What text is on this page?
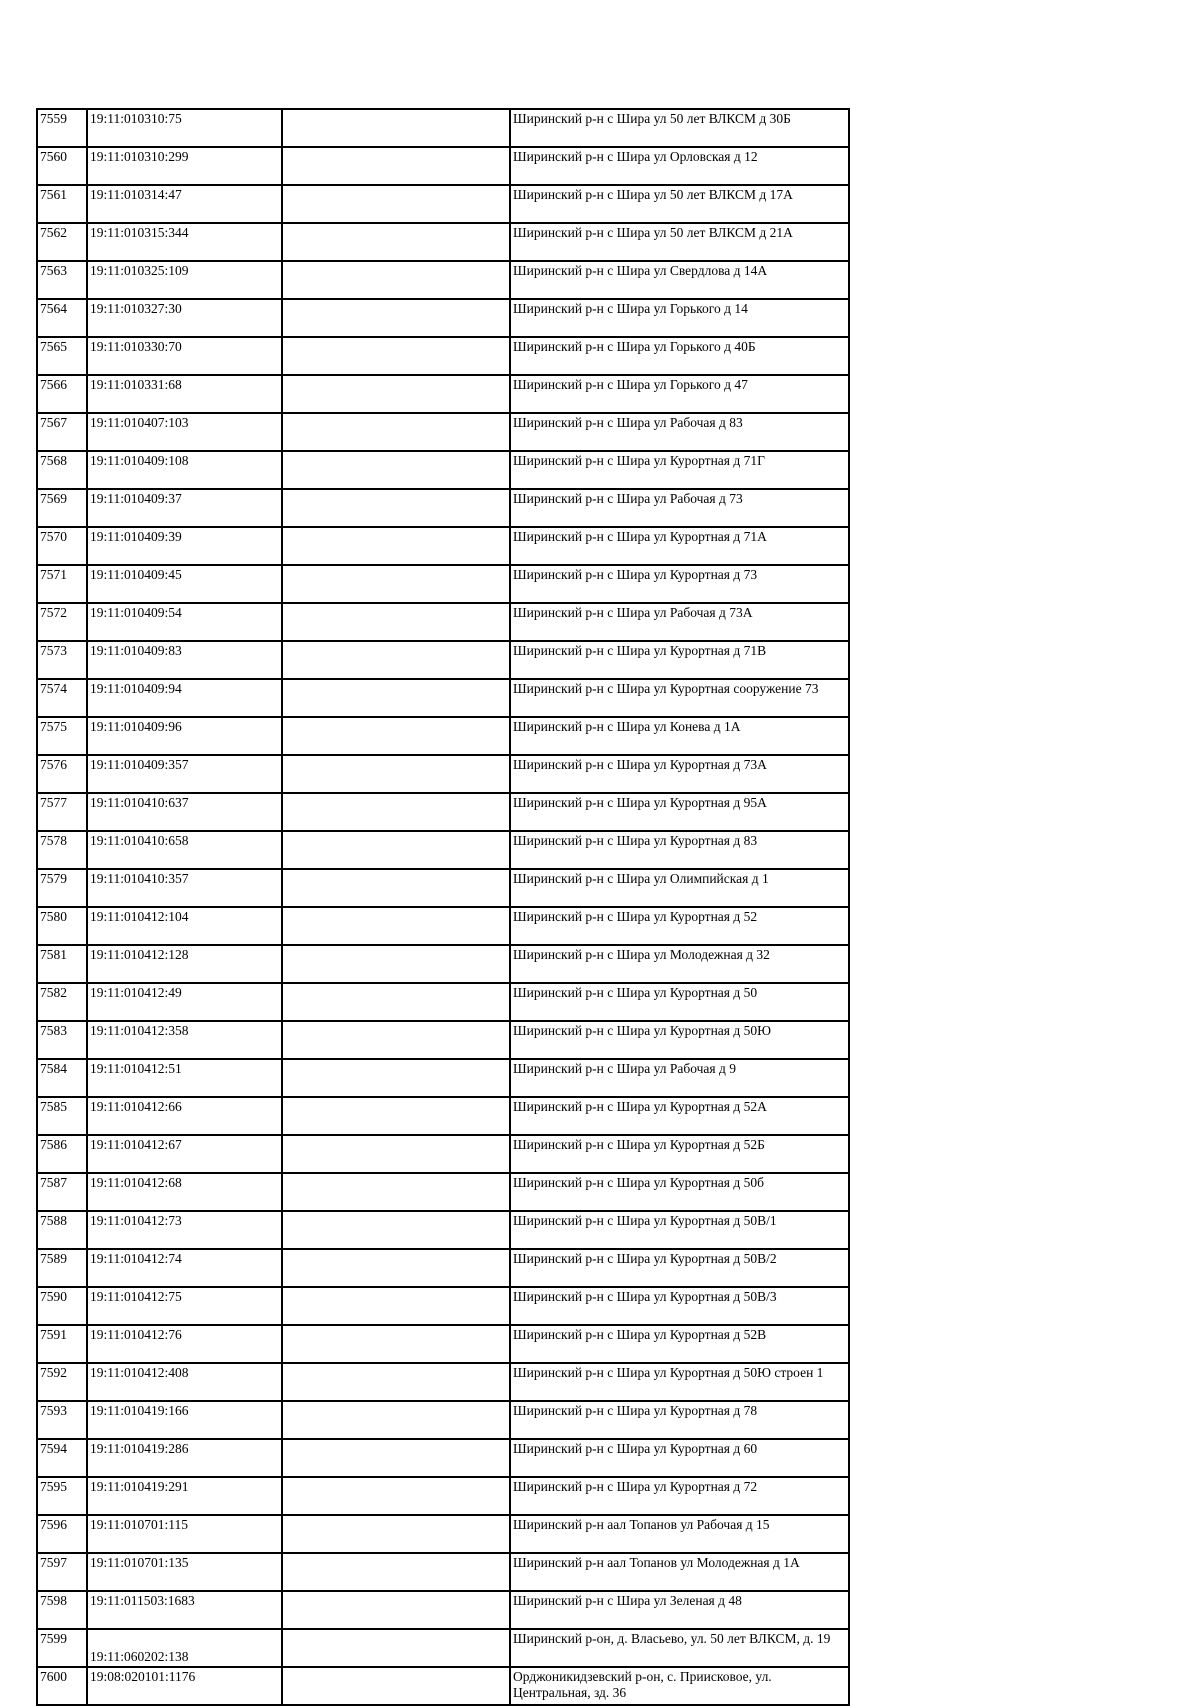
7559	19:11:010310:75		Ширинский р-н с Шира ул 50 лет ВЛКСМ д 30Б
7560	19:11:010310:299		Ширинский р-н с Шира ул Орловская д 12
7561	19:11:010314:47		Ширинский р-н с Шира ул 50 лет ВЛКСМ д 17А
7562	19:11:010315:344		Ширинский р-н с Шира ул 50 лет ВЛКСМ д 21А
7563	19:11:010325:109		Ширинский р-н с Шира ул Свердлова д 14А
7564	19:11:010327:30		Ширинский р-н с Шира ул Горького д 14
7565	19:11:010330:70		Ширинский р-н с Шира ул Горького д 40Б
7566	19:11:010331:68		Ширинский р-н с Шира ул Горького д 47
7567	19:11:010407:103		Ширинский р-н с Шира ул Рабочая д 83
7568	19:11:010409:108		Ширинский р-н с Шира ул Курортная д 71Г
7569	19:11:010409:37		Ширинский р-н с Шира ул Рабочая д 73
7570	19:11:010409:39		Ширинский р-н с Шира ул Курортная д 71А
7571	19:11:010409:45		Ширинский р-н с Шира ул Курортная д 73
7572	19:11:010409:54		Ширинский р-н с Шира ул Рабочая д 73А
7573	19:11:010409:83		Ширинский р-н с Шира ул Курортная д 71В
7574	19:11:010409:94		Ширинский р-н с Шира ул Курортная сооружение 73
7575	19:11:010409:96		Ширинский р-н с Шира ул Конева д 1А
7576	19:11:010409:357		Ширинский р-н с Шира ул Курортная д 73А
7577	19:11:010410:637		Ширинский р-н с Шира ул Курортная д 95А
7578	19:11:010410:658		Ширинский р-н с Шира ул Курортная д 83
7579	19:11:010410:357		Ширинский р-н с Шира ул Олимпийская д 1
7580	19:11:010412:104		Ширинский р-н с Шира ул Курортная д 52
7581	19:11:010412:128		Ширинский р-н с Шира ул Молодежная д 32
7582	19:11:010412:49		Ширинский р-н с Шира ул Курортная д 50
7583	19:11:010412:358		Ширинский р-н с Шира ул Курортная д 50Ю
7584	19:11:010412:51		Ширинский р-н с Шира ул Рабочая д 9
7585	19:11:010412:66		Ширинский р-н с Шира ул Курортная д 52А
7586	19:11:010412:67		Ширинский р-н с Шира ул Курортная д 52Б
7587	19:11:010412:68		Ширинский р-н с Шира ул Курортная д 50б
7588	19:11:010412:73		Ширинский р-н с Шира ул Курортная д 50В/1
7589	19:11:010412:74		Ширинский р-н с Шира ул Курортная д 50В/2
7590	19:11:010412:75		Ширинский р-н с Шира ул Курортная д 50В/3
7591	19:11:010412:76		Ширинский р-н с Шира ул Курортная д 52В
7592	19:11:010412:408		Ширинский р-н с Шира ул Курортная д 50Ю строен 1
7593	19:11:010419:166		Ширинский р-н с Шира ул Курортная д 78
7594	19:11:010419:286		Ширинский р-н с Шира ул Курортная д 60
7595	19:11:010419:291		Ширинский р-н с Шира ул Курортная д 72
7596	19:11:010701:115		Ширинский р-н аал Топанов ул Рабочая д 15
7597	19:11:010701:135		Ширинский р-н аал Топанов ул Молодежная д 1А
7598	19:11:011503:1683		Ширинский р-н с Шира ул Зеленая д 48
7599	19:11:060202:138		Ширинский р-он, д. Власьево, ул. 50 лет ВЛКСМ, д. 19
7600	19:08:020101:1176		Орджоникидзевский р-он, с. Приисковое, ул. Центральная, зд. 36
